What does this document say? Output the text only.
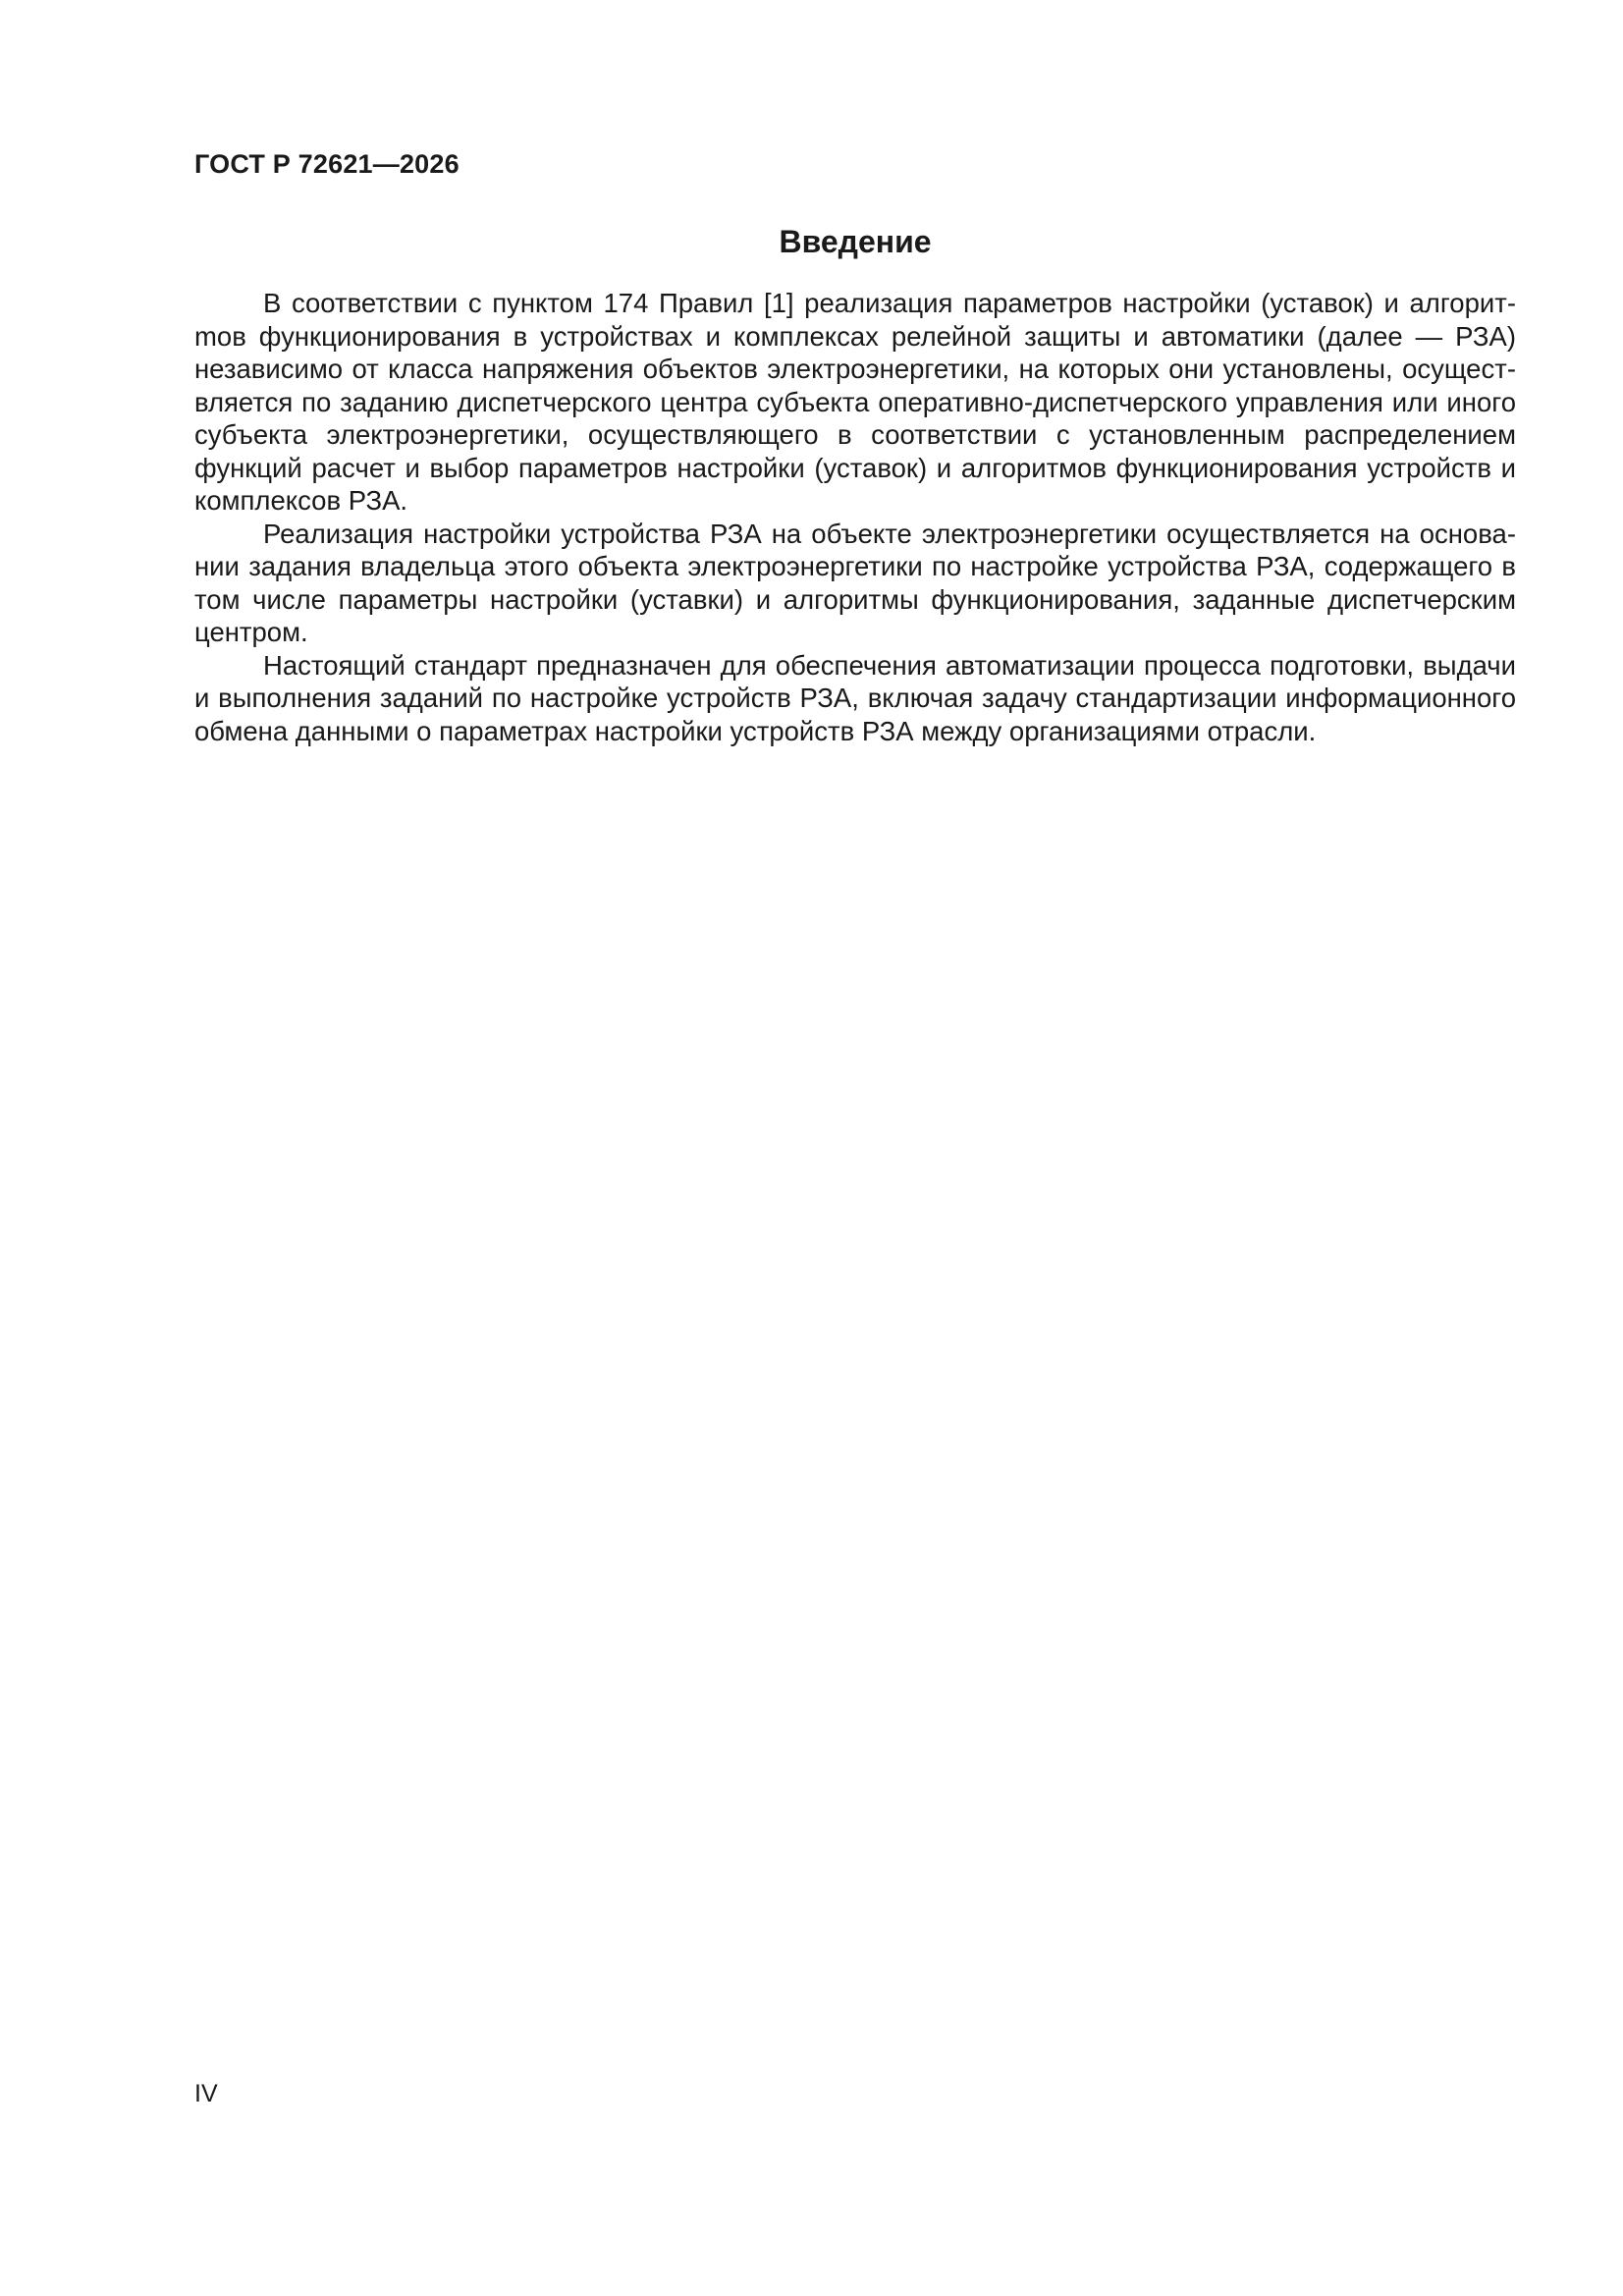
ГОСТ Р 72621—2026
Введение

В соответствии с пунктом 174 Правил [1] реализация параметров настройки (уставок) и алгоритmов функционирования в устройствах и комплексах релейной защиты и автоматики (далее — РЗА) независимо от класса напряжения объектов электроэнергетики, на которых они установлены, осуществляется по заданию диспетчерского центра субъекта оперативно-диспетчерского управления или иного субъекта электроэнергетики, осуществляющего в соответствии с установленным распределением функций расчет и выбор параметров настройки (уставок) и алгоритмов функционирования устройств и комплексов РЗА.

Реализация настройки устройства РЗА на объекте электроэнергетики осуществляется на основании задания владельца этого объекта электроэнергетики по настройке устройства РЗА, содержащего в том числе параметры настройки (уставки) и алгоритмы функционирования, заданные диспетчерским центром.

Настоящий стандарт предназначен для обеспечения автоматизации процесса подготовки, выдачи и выполнения заданий по настройке устройств РЗА, включая задачу стандартизации информационного обмена данными о параметрах настройки устройств РЗА между организациями отрасли.

IV
